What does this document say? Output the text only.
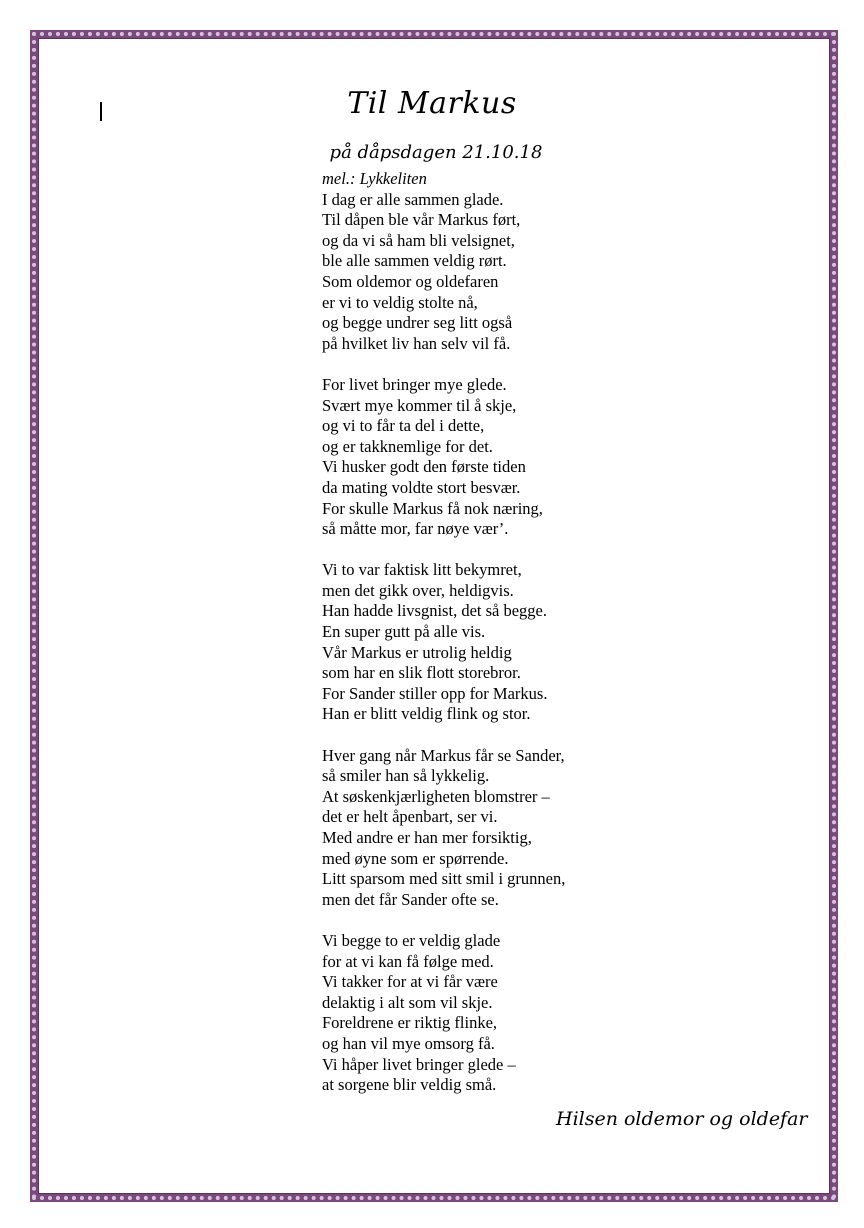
Til Markus
på dåpsdagen 21.10.18
mel.: Lykkeliten
I dag er alle sammen glade.
Til dåpen ble vår Markus ført,
og da vi så ham bli velsignet,
ble alle sammen veldig rørt.
Som oldemor og oldefaren
er vi to veldig stolte nå,
og begge undrer seg litt også
på hvilket liv han selv vil få.
For livet bringer mye glede.
Svært mye kommer til å skje,
og vi to får ta del i dette,
og er takknemlige for det.
Vi husker godt den første tiden
da mating voldte stort besvær.
For skulle Markus få nok næring,
så måtte mor, far nøye vær’.
Vi to var faktisk litt bekymret,
men det gikk over, heldigvis.
Han hadde livsgnist, det så begge.
En super gutt på alle vis.
Vår Markus er utrolig heldig
som har en slik flott storebror.
For Sander stiller opp for Markus.
Han er blitt veldig flink og stor.
Hver gang når Markus får se Sander,
så smiler han så lykkelig.
At søskenkjærligheten blomstrer –
det er helt åpenbart, ser vi.
Med andre er han mer forsiktig,
med øyne som er spørrende.
Litt sparsom med sitt smil i grunnen,
men det får Sander ofte se.
Vi begge to er veldig glade
for at vi kan få følge med.
Vi takker for at vi får være
delaktig i alt som vil skje.
Foreldrene er riktig flinke,
og han vil mye omsorg få.
Vi håper livet bringer glede –
at sorgene blir veldig små.
Hilsen oldemor og oldefar
